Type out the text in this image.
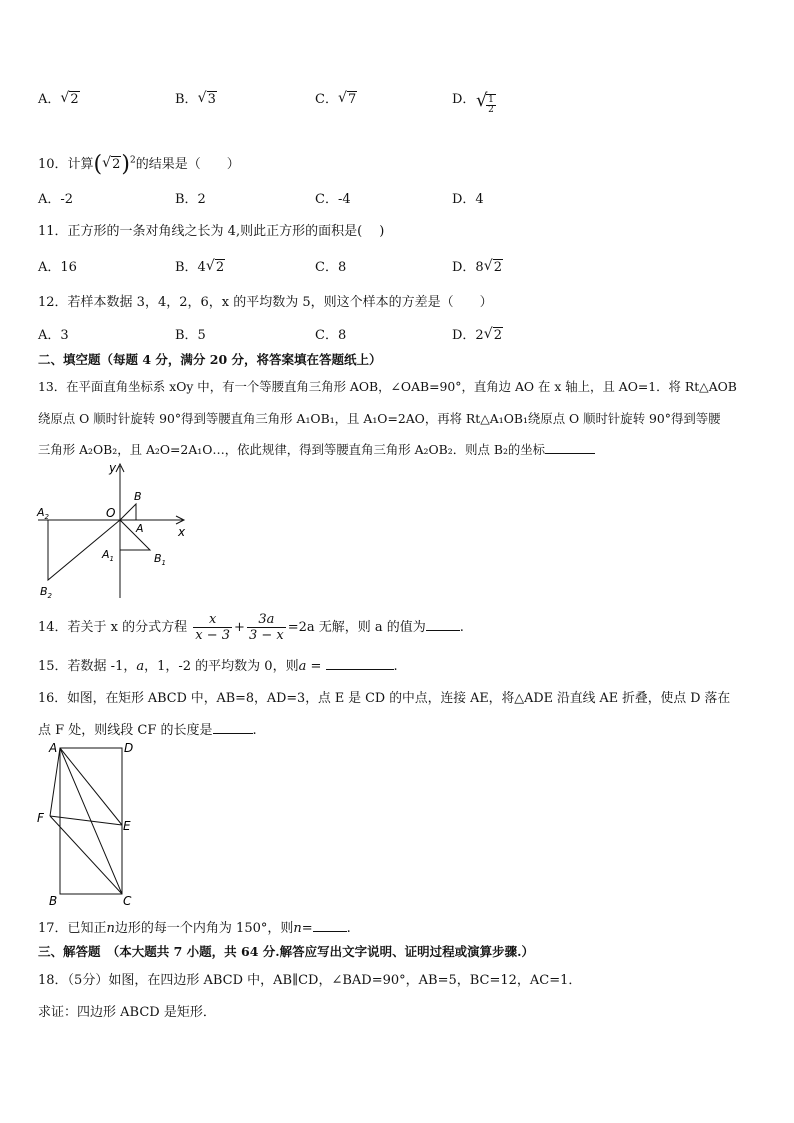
A． √ 2	B． √ 3	C． √ 7	D． √ 1
2
10．计算( √ 2)$^2$的结果是（　　）
A．-2	B．2	C．-4	D．4
11．正方形的一条对角线之长为 4,则此正方形的面积是(　 )
A．16	B．4 √ 2	C．8	D．8 √ 2
12．若样本数据 3，4，2，6，x 的平均数为 5，则这个样本的方差是（　　）
A．3	B．5	C．8	D．2 √ 2
二、填空题（每题 4 分，满分 20 分，将答案填在答题纸上）
13．在平面直角坐标系 xOy 中，有一个等腰直角三角形 AOB，∠OAB=90°，直角边 AO 在 x 轴上，且 AO=1．将 Rt△AOB
绕原点 O 顺时针旋转 90°得到等腰直角三角形 A₁OB₁，且 A₁O=2AO，再将 Rt△A₁OB₁绕原点 O 顺时针旋转 90°得到等腰
三角形 A₂OB₂，且 A₂O=2A₁O…，依此规律，得到等腰直角三角形 A₂OB₂．则点 B₂的坐标
y
x
O
A
B
$A_1$	$B_1$
$A_2$
$B_2$
14．若关于 x 的分式方程 $\frac{x}{x - 3} + \frac{3a}{3 - x} =2a$ 无解，则 a 的值为	.
15．若数据 -1，a，1，-2 的平均数为 0，则a =	.
16．如图，在矩形 ABCD 中，AB=8，AD=3，点 E 是 CD 的中点，连接 AE，将△ADE 沿直线 AE 折叠，使点 D 落在
点 F 处，则线段 CF 的长度是	.
A	D
F
E
B	C
17．已知正n边形的每一个内角为 150°，则n=	.
三、解答题　（本大题共 7 小题，共 64 分.解答应写出文字说明、证明过程或演算步骤.）
18．（5分）如图，在四边形 ABCD 中，AB∥CD，∠BAD=90°，AB=5，BC=12，AC=1．
求证：四边形 ABCD 是矩形．
